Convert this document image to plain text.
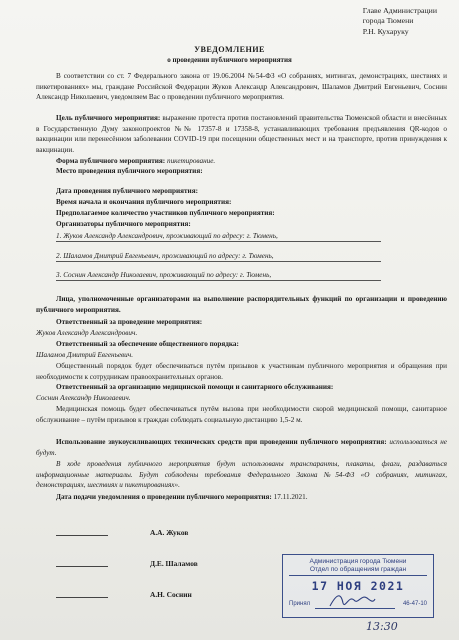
Главе Администрации
города Тюмени
Р.Н. Кухаруку
УВЕДОМЛЕНИЕ
о проведении публичного мероприятия
В соответствии со ст. 7 Федерального закона от 19.06.2004 №54-ФЗ «О собраниях, митингах, демонстрациях, шествиях и пикетированиях» мы, граждане Российской Федерации Жуков Александр Александрович, Шаламов Дмитрий Евгеньевич, Соснин Александр Николаевич, уведомляем Вас о проведении публичного мероприятия.
Цель публичного мероприятия: выражение протеста против постановлений правительства Тюменской области и внесённых в Государственную Думу законопроектов №№ 17357-8 и 17358-8, устанавливающих требования предъявления QR-кодов о вакцинации или перенесённом заболевании COVID-19 при посещении общественных мест и на транспорте, против принуждения к вакцинации.
Форма публичного мероприятия: пикетирование.
Место проведения публичного мероприятия:
Дата проведения публичного мероприятия:
Время начала и окончания публичного мероприятия:
Предполагаемое количество участников публичного мероприятия:
Организаторы публичного мероприятия:
1. Жуков Александр Александрович, проживающий по адресу: г. Тюмень,
2. Шаламов Дмитрий Евгеньевич, проживающий по адресу: г. Тюмень,
3. Соснин Александр Николаевич, проживающий по адресу: г. Тюмень,
Лица, уполномоченные организаторами на выполнение распорядительных функций по организации и проведению публичного мероприятия.
Ответственный за проведение мероприятия:
Жуков Александр Александрович.
Ответственный за обеспечение общественного порядка:
Шаламов Дмитрий Евгеньевич.
Общественный порядок будет обеспечиваться путём призывов к участникам публичного мероприятия и обращения при необходимости к сотрудникам правоохранительных органов.
Ответственный за организацию медицинской помощи и санитарного обслуживания:
Соснин Александр Николаевич.
Медицинская помощь будет обеспечиваться путём вызова при необходимости скорой медицинской помощи, санитарное обслуживание – путём призывов к граждан соблюдать социальную дистанцию 1,5-2 м.
Использование звукоусиливающих технических средств при проведении публичного мероприятия: использоваться не будут.
В ходе проведения публичного мероприятия будут использованы транспаранты, плакаты, флаги, раздаваться информационные материалы. Будут соблюдены требования Федерального Закона №54-ФЗ «О собраниях, митингах, демонстрациях, шествиях и пикетированиях».
Дата подачи уведомления о проведении публичного мероприятия: 17.11.2021.
А.А. Жуков
Д.Е. Шаламов
А.Н. Соснин
Администрация города Тюмени
Отдел по обращениям граждан
17 НОЯ 2021
Принял	46-47-10
13:30
